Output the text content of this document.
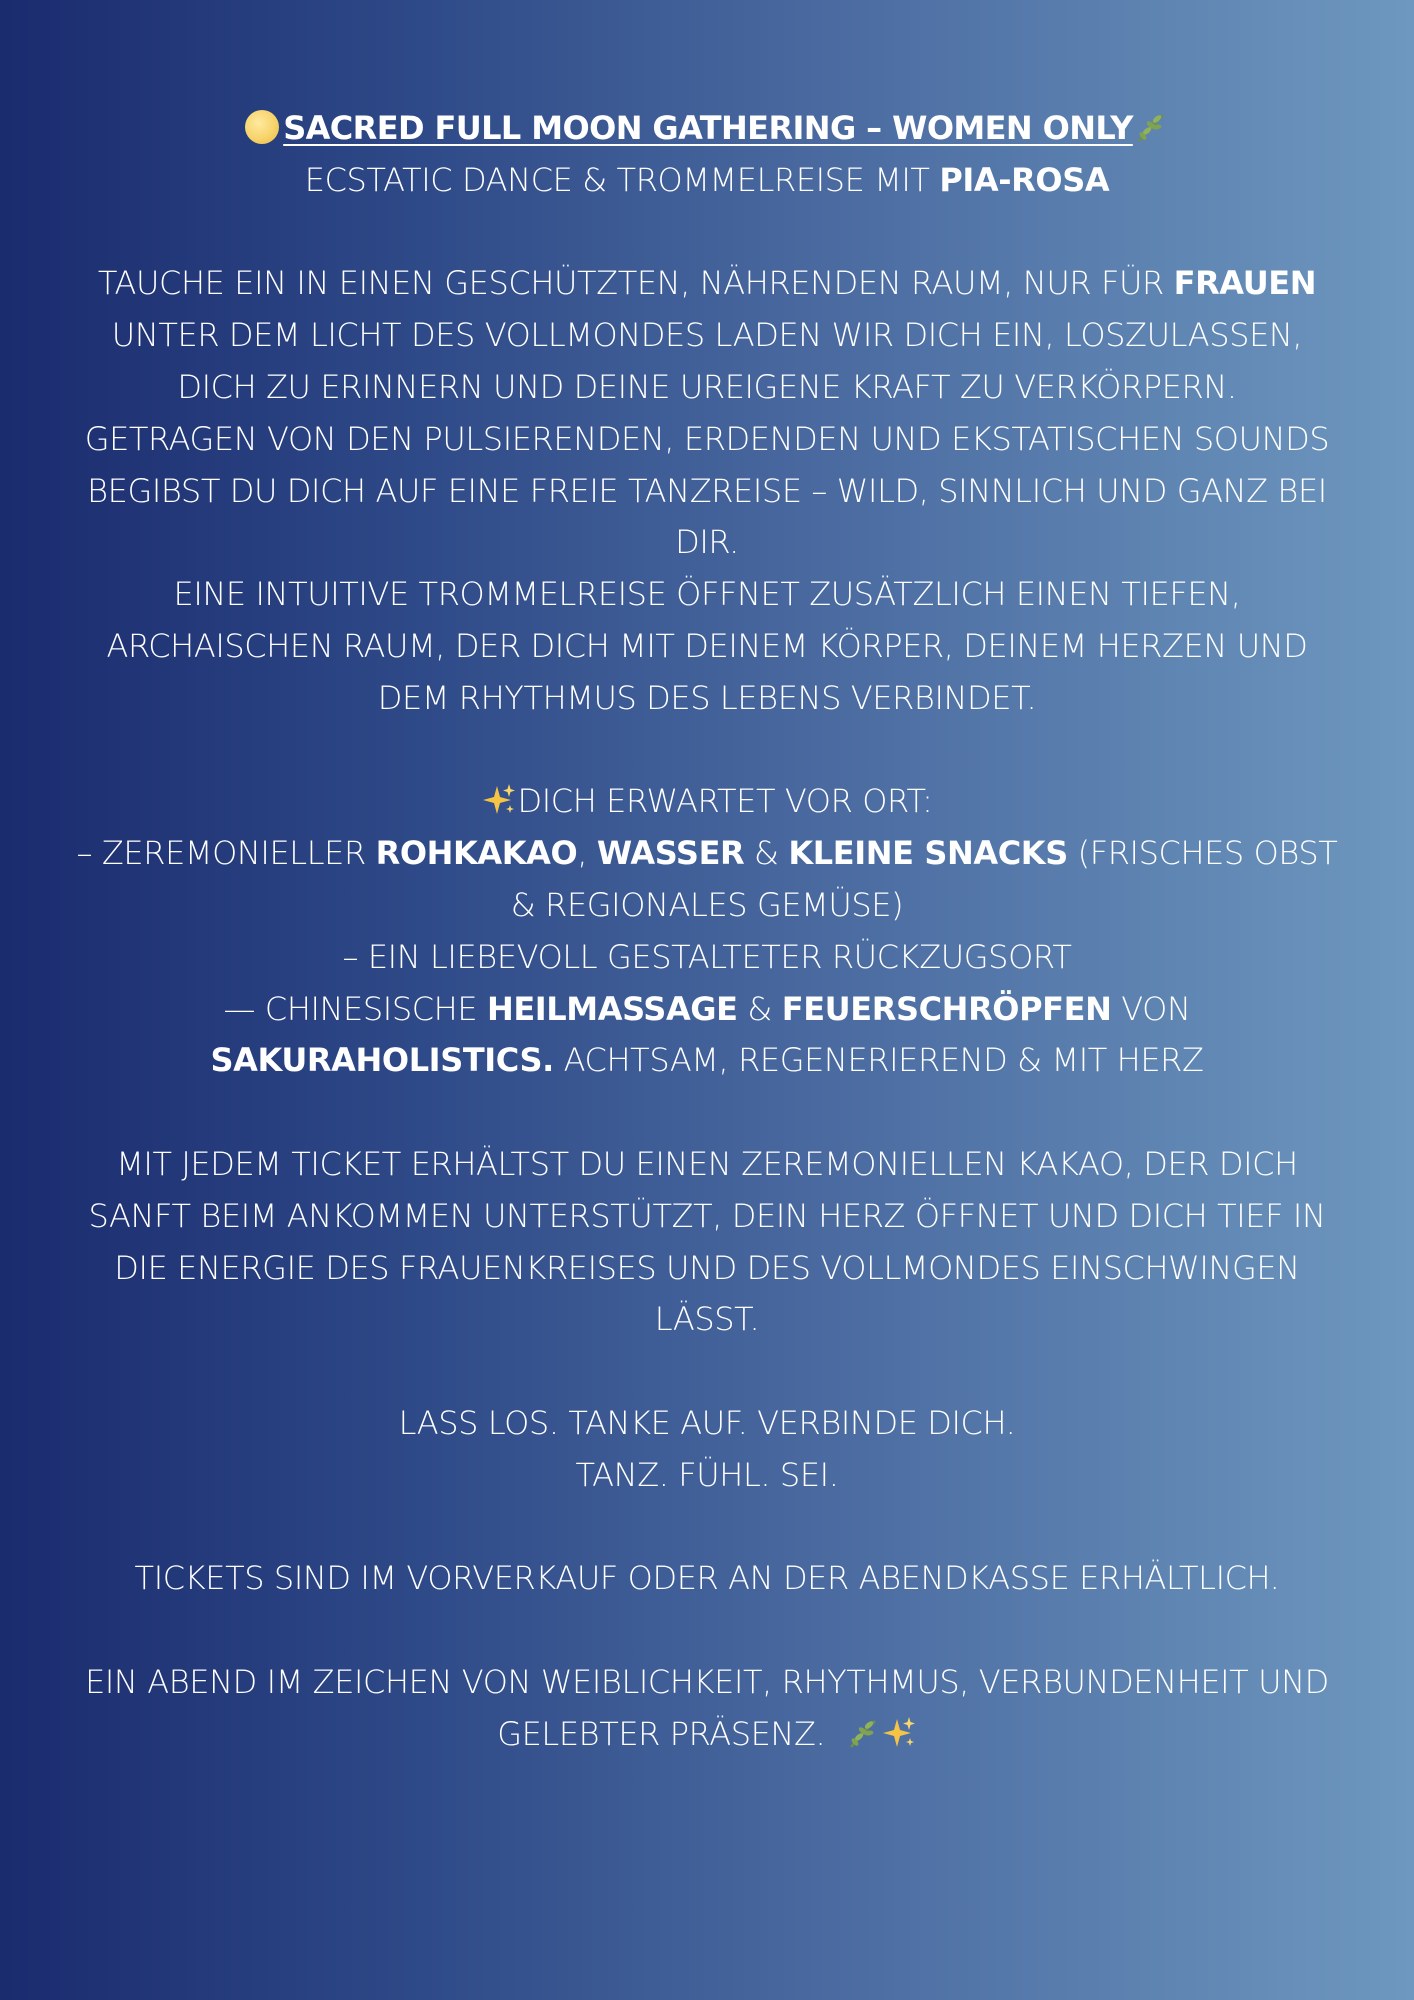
SACRED FULL MOON GATHERING – WOMEN ONLY
ECSTATIC DANCE & TROMMELREISE MIT PIA-ROSA
TAUCHE EIN IN EINEN GESCHÜTZTEN, NÄHRENDEN RAUM, NUR FÜR FRAUEN
UNTER DEM LICHT DES VOLLMONDES LADEN WIR DICH EIN, LOSZULASSEN,
DICH ZU ERINNERN UND DEINE UREIGENE KRAFT ZU VERKÖRPERN.
GETRAGEN VON DEN PULSIERENDEN, ERDENDEN UND EKSTATISCHEN SOUNDS
BEGIBST DU DICH AUF EINE FREIE TANZREISE – WILD, SINNLICH UND GANZ BEI
DIR.
EINE INTUITIVE TROMMELREISE ÖFFNET ZUSÄTZLICH EINEN TIEFEN,
ARCHAISCHEN RAUM, DER DICH MIT DEINEM KÖRPER, DEINEM HERZEN UND
DEM RHYTHMUS DES LEBENS VERBINDET.
DICH ERWARTET VOR ORT:
– ZEREMONIELLER ROHKAKAO, WASSER & KLEINE SNACKS (FRISCHES OBST
& REGIONALES GEMÜSE)
– EIN LIEBEVOLL GESTALTETER RÜCKZUGSORT
— CHINESISCHE HEILMASSAGE & FEUERSCHRÖPFEN VON
SAKURAHOLISTICS. ACHTSAM, REGENERIEREND & MIT HERZ
MIT JEDEM TICKET ERHÄLTST DU EINEN ZEREMONIELLEN KAKAO, DER DICH
SANFT BEIM ANKOMMEN UNTERSTÜTZT, DEIN HERZ ÖFFNET UND DICH TIEF IN
DIE ENERGIE DES FRAUENKREISES UND DES VOLLMONDES EINSCHWINGEN
LÄSST.
LASS LOS. TANKE AUF. VERBINDE DICH.
TANZ. FÜHL. SEI.
TICKETS SIND IM VORVERKAUF ODER AN DER ABENDKASSE ERHÄLTLICH.
EIN ABEND IM ZEICHEN VON WEIBLICHKEIT, RHYTHMUS, VERBUNDENHEIT UND
GELEBTER PRÄSENZ.
